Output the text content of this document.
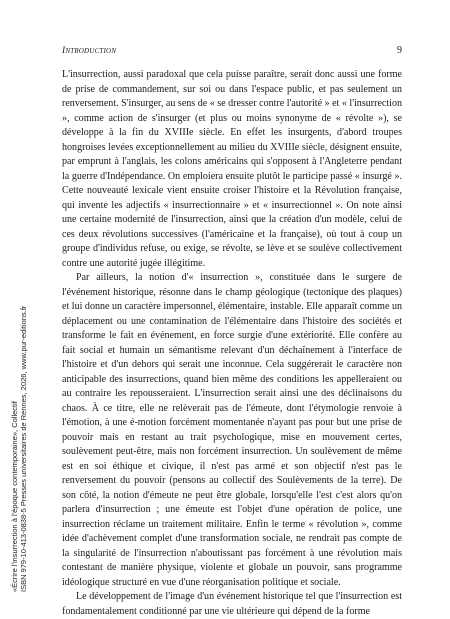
Introduction	9

L'insurrection, aussi paradoxal que cela puisse paraître, serait donc aussi une forme de prise de commandement, sur soi ou dans l'espace public, et pas seulement un renversement. S'insurger, au sens de « se dresser contre l'autorité » et « l'insurrection », comme action de s'insurger (et plus ou moins synonyme de « révolte »), se développe à la fin du XVIIIe siècle. En effet les insurgents, d'abord troupes hongroises levées exceptionnellement au milieu du XVIIIe siècle, désignent ensuite, par emprunt à l'anglais, les colons américains qui s'opposent à l'Angleterre pendant la guerre d'Indépendance. On emploiera ensuite plutôt le participe passé « insurgé ». Cette nouveauté lexicale vient ensuite croiser l'histoire et la Révolution française, qui invente les adjectifs « insurrectionnaire » et « insurrectionnel ». On note ainsi une certaine modernité de l'insurrection, ainsi que la création d'un modèle, celui de ces deux révolutions successives (l'américaine et la française), où tout à coup un groupe d'individus refuse, ou exige, se révolte, se lève et se soulève collectivement contre une autorité jugée illégitime.

Par ailleurs, la notion d'« insurrection », constituée dans le surgere de l'événement historique, résonne dans le champ géologique (tectonique des plaques) et lui donne un caractère impersonnel, élémentaire, instable. Elle apparaît comme un déplacement ou une contamination de l'élémentaire dans l'histoire des sociétés et transforme le fait en événement, en force surgie d'une extériorité. Elle confère au fait social et humain un sémantisme relevant d'un déchaînement à l'interface de l'histoire et d'un dehors qui serait une inconnue. Cela suggérerait le caractère non anticipable des insurrections, quand bien même des conditions les appelleraient ou au contraire les repousseraient. L'insurrection serait ainsi une des déclinaisons du chaos. À ce titre, elle ne relèverait pas de l'émeute, dont l'étymologie renvoie à l'émotion, à une é-motion forcément momentanée n'ayant pas pour but une prise de pouvoir mais en restant au trait psychologique, mise en mouvement certes, soulèvement peut-être, mais non forcément insurrection. Un soulèvement de même est en soi éthique et civique, il n'est pas armé et son objectif n'est pas le renversement du pouvoir (pensons au collectif des Soulèvements de la terre). De son côté, la notion d'émeute ne peut être globale, lorsqu'elle l'est c'est alors qu'on parlera d'insurrection ; une émeute est l'objet d'une opération de police, une insurrection réclame un traitement militaire. Enfin le terme « révolution », comme idée d'achèvement complet d'une transformation sociale, ne rendrait pas compte de la singularité de l'insurrection n'aboutissant pas forcément à une révolution mais contestant de manière physique, violente et globale un pouvoir, sans programme idéologique structuré en vue d'une réorganisation politique et sociale.

Le développement de l'image d'un événement historique tel que l'insurrection est fondamentalement conditionné par une vie ultérieure qui dépend de la forme

«Écrire l'insurrection à l'époque contemporaine», Collectif ISBN 979-10-413-0838-5 Presses universitaires de Rennes, 2026, www.pur-editions.fr
